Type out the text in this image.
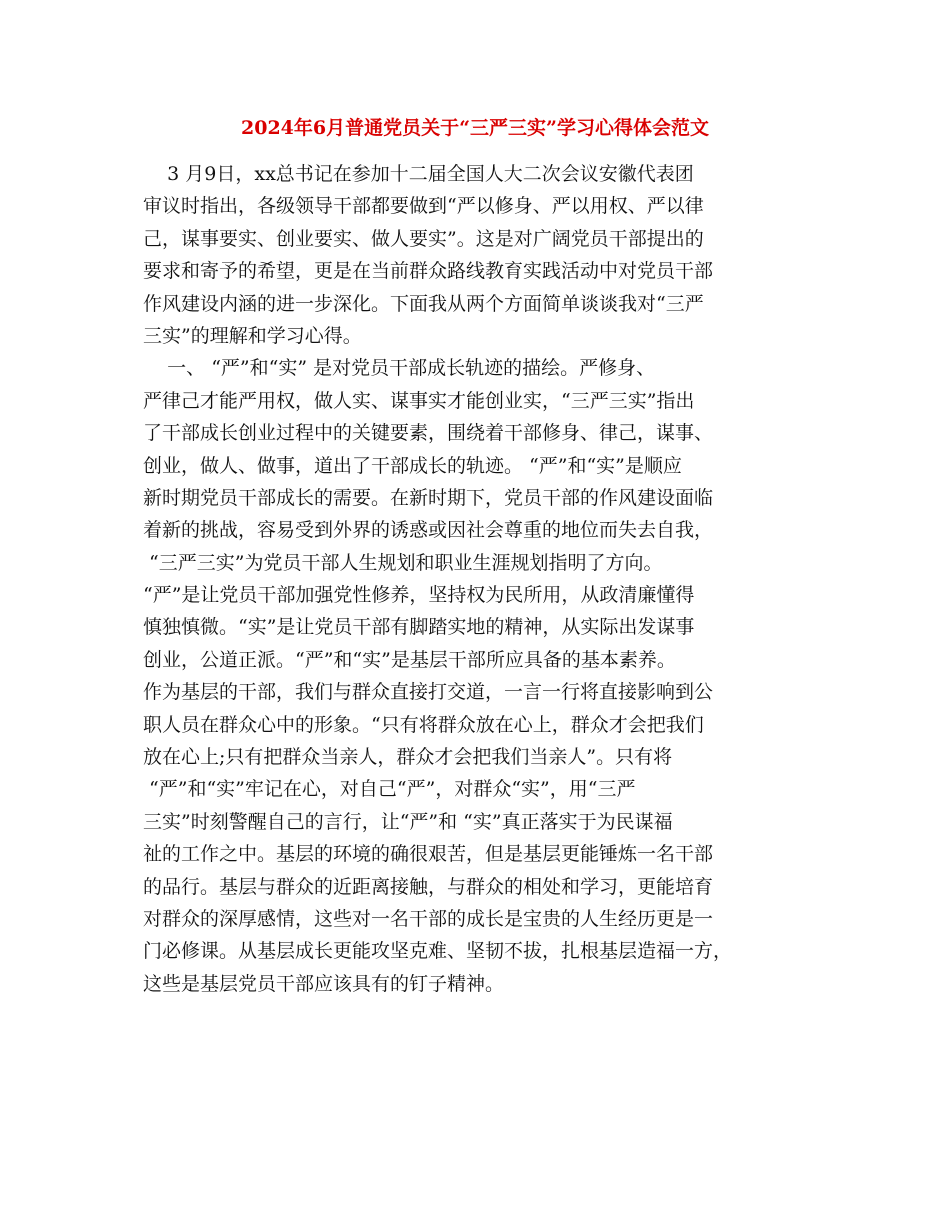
2024年6月普通党员关于“三严三实”学习心得体会范文
3 月9日，xx总书记在参加十二届全国人大二次会议安徽代表团
审议时指出，各级领导干部都要做到“严以修身、严以用权、严以律
己，谋事要实、创业要实、做人要实”。这是对广阔党员干部提出的
要求和寄予的希望，更是在当前群众路线教育实践活动中对党员干部
作风建设内涵的进一步深化。下面我从两个方面简单谈谈我对“三严
三实”的理解和学习心得。
一、 “严”和“实” 是对党员干部成长轨迹的描绘。严修身、
严律己才能严用权，做人实、谋事实才能创业实，“三严三实”指出
了干部成长创业过程中的关键要素，围绕着干部修身、律己，谋事、
创业，做人、做事，道出了干部成长的轨迹。 “严”和“实”是顺应
新时期党员干部成长的需要。在新时期下，党员干部的作风建设面临
着新的挑战，容易受到外界的诱惑或因社会尊重的地位而失去自我，
“三严三实”为党员干部人生规划和职业生涯规划指明了方向。
“严”是让党员干部加强党性修养，坚持权为民所用，从政清廉懂得
慎独慎微。“实”是让党员干部有脚踏实地的精神，从实际出发谋事
创业，公道正派。“严”和“实”是基层干部所应具备的基本素养。
作为基层的干部，我们与群众直接打交道，一言一行将直接影响到公
职人员在群众心中的形象。“只有将群众放在心上，群众才会把我们
放在心上;只有把群众当亲人，群众才会把我们当亲人”。只有将
“严”和“实”牢记在心，对自己“严”，对群众“实”，用“三严
三实”时刻警醒自己的言行，让“严”和 “实”真正落实于为民谋福
祉的工作之中。基层的环境的确很艰苦，但是基层更能锤炼一名干部
的品行。基层与群众的近距离接触，与群众的相处和学习，更能培育
对群众的深厚感情，这些对一名干部的成长是宝贵的人生经历更是一
门必修课。从基层成长更能攻坚克难、坚韧不拔，扎根基层造福一方，
这些是基层党员干部应该具有的钉子精神。
